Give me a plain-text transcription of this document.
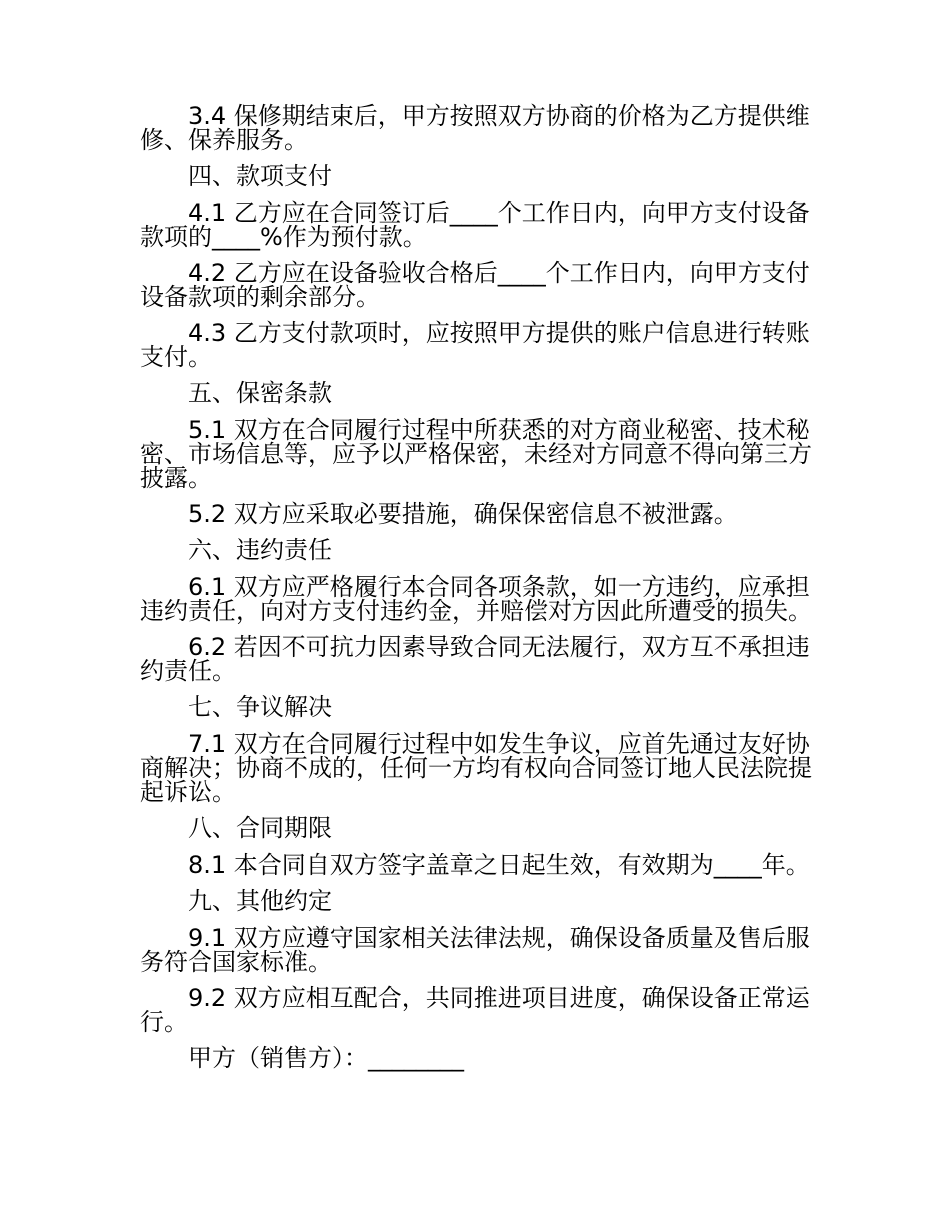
3.4 保修期结束后，甲方按照双方协商的价格为乙方提供维修、保养服务。

四、款项支付

4.1 乙方应在合同签订后____个工作日内，向甲方支付设备款项的____%作为预付款。

4.2 乙方应在设备验收合格后____个工作日内，向甲方支付设备款项的剩余部分。

4.3 乙方支付款项时，应按照甲方提供的账户信息进行转账支付。

五、保密条款

5.1 双方在合同履行过程中所获悉的对方商业秘密、技术秘密、市场信息等，应予以严格保密，未经对方同意不得向第三方披露。

5.2 双方应采取必要措施，确保保密信息不被泄露。

六、违约责任

6.1 双方应严格履行本合同各项条款，如一方违约，应承担违约责任，向对方支付违约金，并赔偿对方因此所遭受的损失。

6.2 若因不可抗力因素导致合同无法履行，双方互不承担违约责任。

七、争议解决

7.1 双方在合同履行过程中如发生争议，应首先通过友好协商解决；协商不成的，任何一方均有权向合同签订地人民法院提起诉讼。

八、合同期限

8.1 本合同自双方签字盖章之日起生效，有效期为____年。

九、其他约定

9.1 双方应遵守国家相关法律法规，确保设备质量及售后服务符合国家标准。

9.2 双方应相互配合，共同推进项目进度，确保设备正常运行。

甲方（销售方）：________
